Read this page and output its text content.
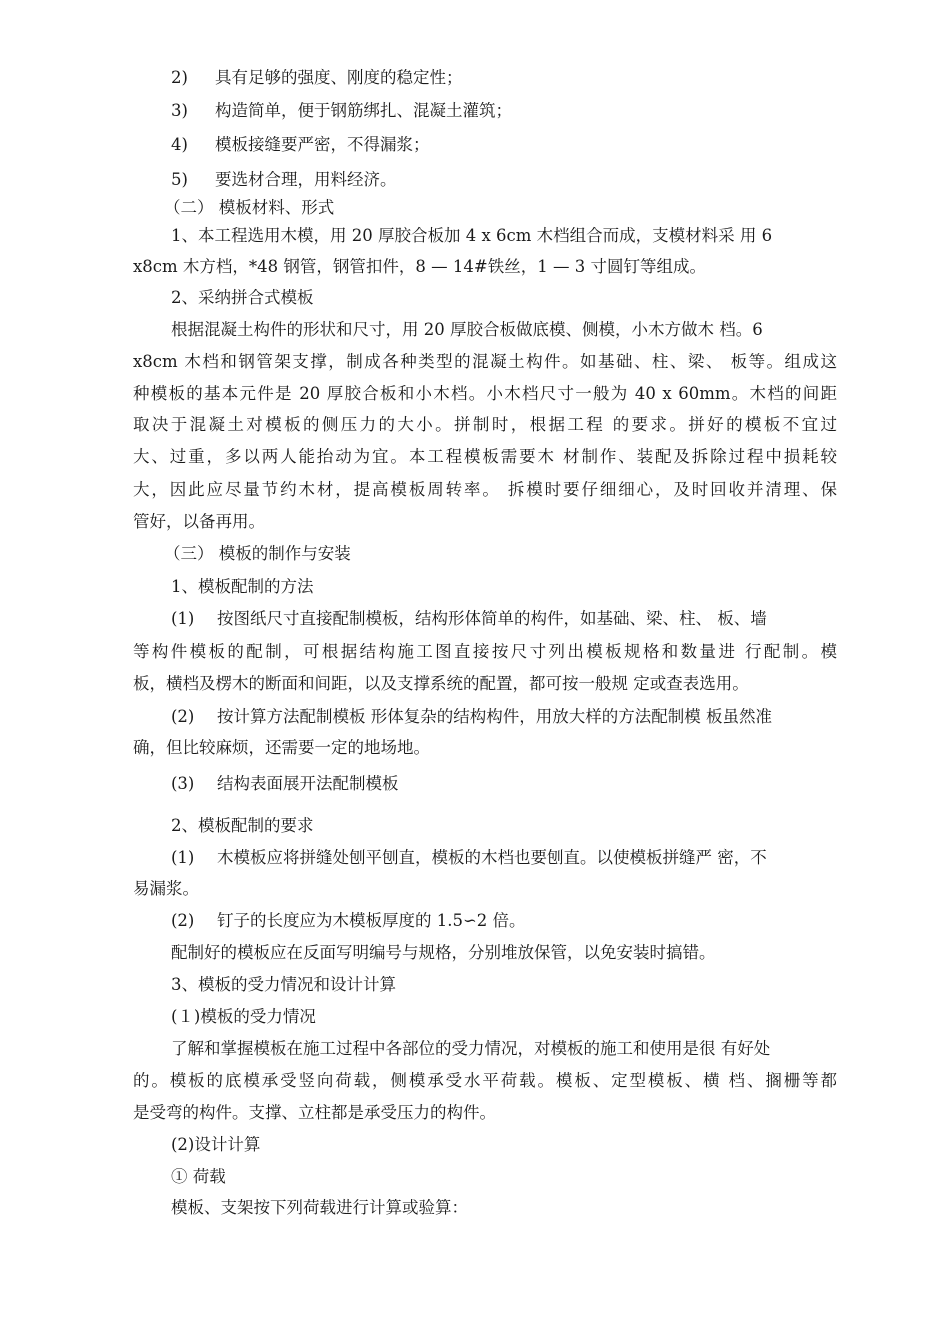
2) 具有足够的强度、刚度的稳定性；
3) 构造简单，便于钢筋绑扎、混凝土灌筑；
4) 模板接缝要严密，不得漏浆；
5) 要选材合理，用料经济。
（二） 模板材料、形式
1、本工程选用木模，用 20 厚胶合板加 4 x 6cm 木档组合而成，支模材料采 用 6
x8cm 木方档，*48 钢管，钢管扣件，8 — 14#铁丝，1 — 3 寸圆钉等组成。
2、采纳拼合式模板
根据混凝土构件的形状和尺寸，用 20 厚胶合板做底模、侧模，小木方做木 档。6
x8cm 木档和钢管架支撑，制成各种类型的混凝土构件。如基础、柱、梁、 板等。组成这
种模板的基本元件是 20 厚胶合板和小木档。小木档尺寸一般为 40 x 60mm。木档的间距
取决于混凝土对模板的侧压力的大小。拼制时，根据工程 的要求。拼好的模板不宜过
大、过重，多以两人能抬动为宜。本工程模板需要木 材制作、装配及拆除过程中损耗较
大，因此应尽量节约木材，提高模板周转率。 拆模时要仔细细心，及时回收并清理、保
管好，以备再用。
（三） 模板的制作与安装
1、模板配制的方法
(1) 按图纸尺寸直接配制模板，结构形体简单的构件，如基础、梁、柱、 板、墙
等构件模板的配制，可根据结构施工图直接按尺寸列出模板规格和数量进 行配制。模
板，横档及楞木的断面和间距，以及支撑系统的配置，都可按一般规 定或查表选用。
(2) 按计算方法配制模板 形体复杂的结构构件，用放大样的方法配制模 板虽然准
确，但比较麻烦，还需要一定的地场地。
(3) 结构表面展开法配制模板
2、模板配制的要求
(1) 木模板应将拼缝处刨平刨直，模板的木档也要刨直。以使模板拼缝严 密，不
易漏浆。
(2) 钉子的长度应为木模板厚度的 1.5∽2 倍。
配制好的模板应在反面写明编号与规格，分别堆放保管，以免安装时搞错。
3、模板的受力情况和设计计算
(１)模板的受力情况
了解和掌握模板在施工过程中各部位的受力情况，对模板的施工和使用是很 有好处
的。模板的底模承受竖向荷载，侧模承受水平荷载。模板、定型模板、横 档、搁栅等都
是受弯的构件。支撑、立柱都是承受压力的构件。
(2)设计计算
① 荷载
模板、支架按下列荷载进行计算或验算：
